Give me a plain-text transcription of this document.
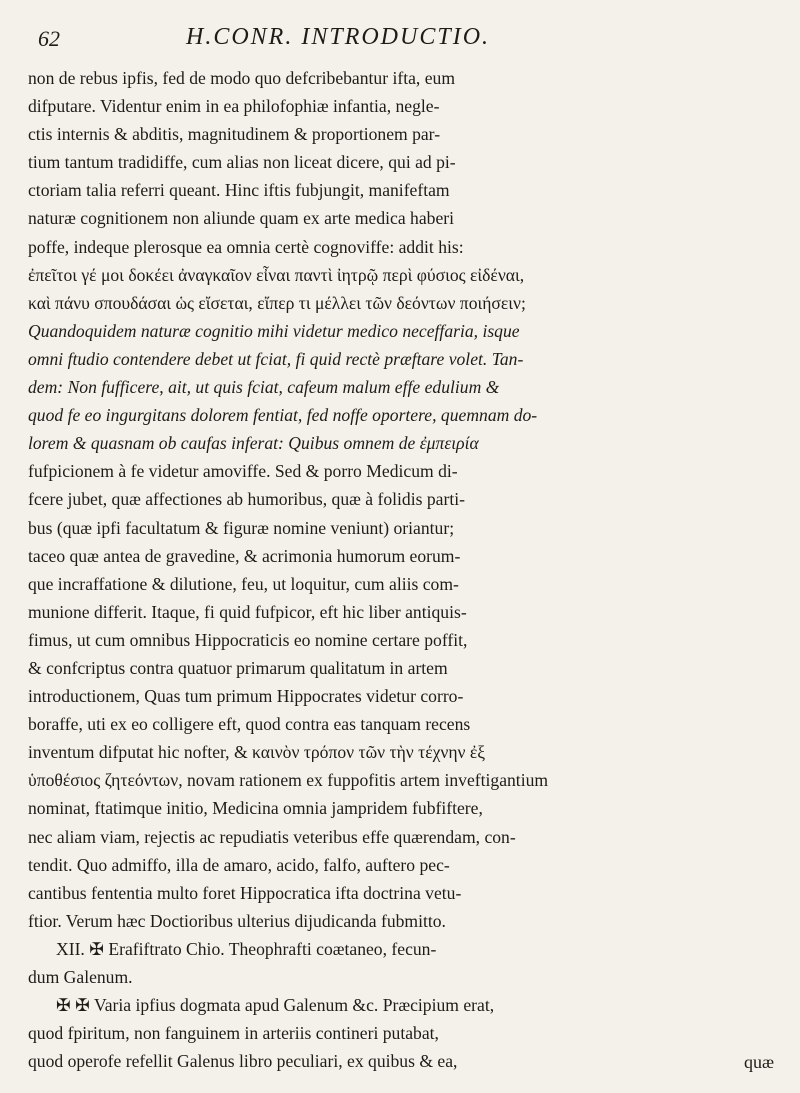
62	H.CONR. INTRODUCTIO.
non de rebus ipfis, fed de modo quo defcribebantur ifta, eum
difputare. Videntur enim in ea philofophiæ infantia, negle-
ctis internis & abditis, magnitudinem & proportionem par-
tium tantum tradidiffe, cum alias non liceat dicere, qui ad pi-
ctoriam talia referri queant. Hinc iftis fubjungit, manifeftam
naturæ cognitionem non aliunde quam ex arte medica haberi
poffe, indeque plerosque ea omnia certè cognoviffe: addit his:
ἐπεῖτοι γέ μοι δοκέει ἀναγκαῖον εἶναι παντὶ ἰητρῷ περὶ φύσιος εἰδέναι,
καὶ πάνυ σπουδάσαι ὡς εἴσεται, εἴπερ τι μέλλει τῶν δεόντων ποιήσειν;
Quandoquidem naturæ cognitio mihi videtur medico neceffaria, isque
omni ftudio contendere debet ut fciat, fi quid rectè præftare volet. Tan-
dem: Non fufficere, ait, ut quis fciat, cafeum malum effe edulium &
quod fe eo ingurgitans dolorem fentiat, fed noffe oportere, quemnam do-
lorem & quasnam ob caufas inferat: Quibus omnem de ἐμπειρία
fufpicionem à fe videtur amoviffe. Sed & porro Medicum di-
fcere jubet, quæ affectiones ab humoribus, quæ à folidis parti-
bus (quæ ipfi facultatum & figuræ nomine veniunt) oriantur;
taceo quæ antea de gravedine, & acrimonia humorum eorum-
que incraffatione & dilutione, feu, ut loquitur, cum aliis com-
munione differit. Itaque, fi quid fufpicor, eft hic liber antiquis-
fimus, ut cum omnibus Hippocraticis eo nomine certare poffit,
& confcriptus contra quatuor primarum qualitatum in artem
introductionem, Quas tum primum Hippocrates videtur corro-
boraffe, uti ex eo colligere eft, quod contra eas tanquam recens
inventum difputat hic nofter, & καινὸν τρόπον τῶν τὴν τέχνην ἐξ
ὑποθέσιος ζητεόντων, novam rationem ex fuppofitis artem inveftigantium
nominat, ftatimque initio, Medicina omnia jampridem fubfiftere,
nec aliam viam, rejectis ac repudiatis veteribus effe quærendam, con-
tendit. Quo admiffo, illa de amaro, acido, falfo, auftero pec-
cantibus fententia multo foret Hippocratica ifta doctrina vetu-
ftior. Verum hæc Doctioribus ulterius dijudicanda fubmitto.
XII. ✠ Erafiftrato Chio. Theophrafti coætaneo, fecun-
dum Galenum.
✠ ✠ Varia ipfius dogmata apud Galenum &c. Præcipium erat,
quod fpiritum, non fanguinem in arteriis contineri putabat,
quod operofe refellit Galenus libro peculiari, ex quibus & ea,	quæ
